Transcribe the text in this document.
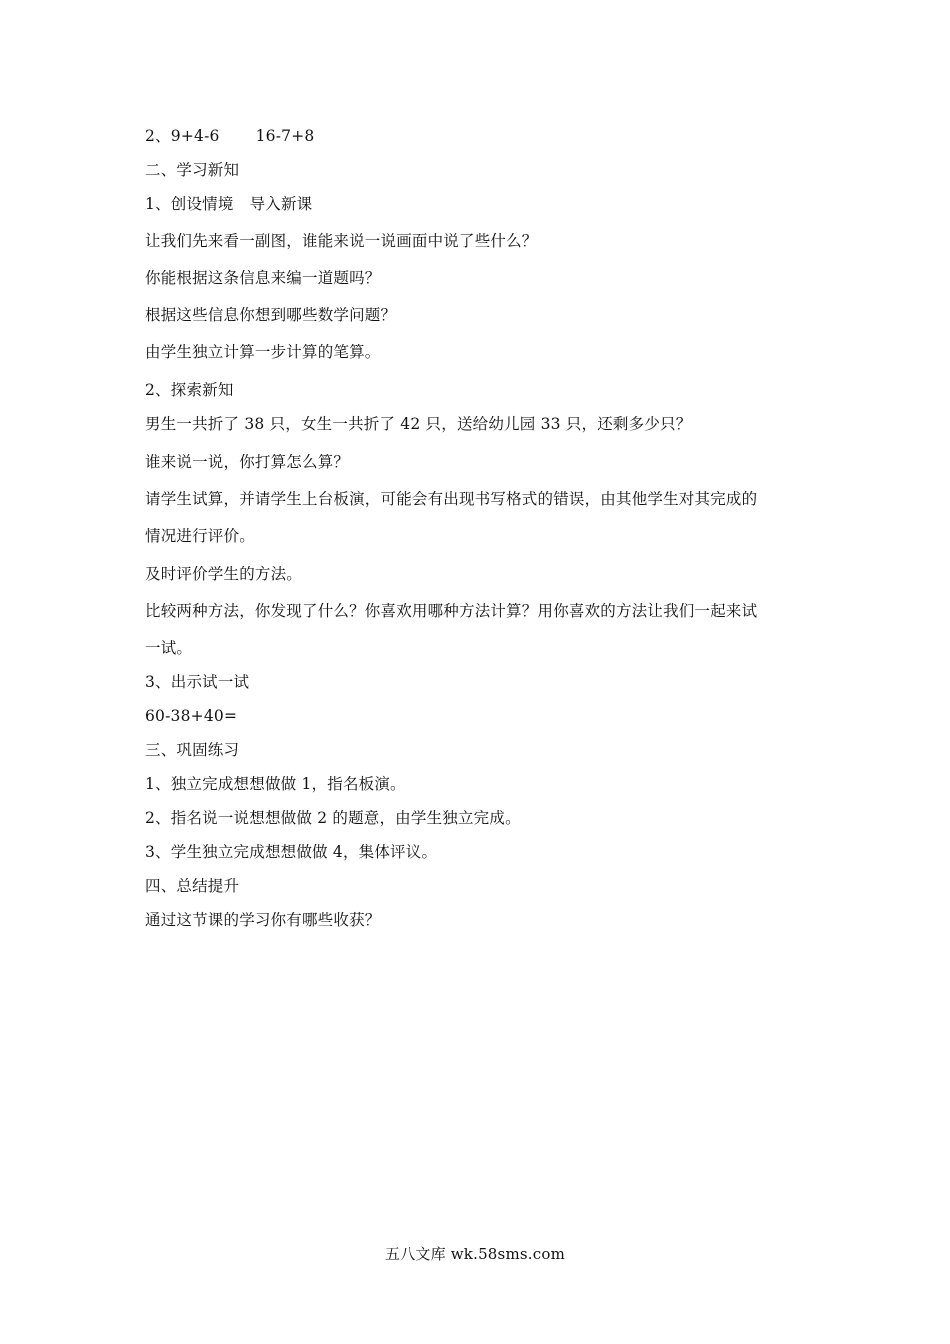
2、9+4-6 16-7+8
二、学习新知
1、创设情境 导入新课
让我们先来看一副图，谁能来说一说画面中说了些什么？
你能根据这条信息来编一道题吗？
根据这些信息你想到哪些数学问题？
由学生独立计算一步计算的笔算。
2、探索新知
男生一共折了 38 只，女生一共折了 42 只，送给幼儿园 33 只，还剩多少只？
谁来说一说，你打算怎么算？
请学生试算，并请学生上台板演，可能会有出现书写格式的错误，由其他学生对其完成的
情况进行评价。
及时评价学生的方法。
比较两种方法，你发现了什么？你喜欢用哪种方法计算？用你喜欢的方法让我们一起来试
一试。
3、出示试一试
60-38+40=
三、巩固练习
1、独立完成想想做做 1，指名板演。
2、指名说一说想想做做 2 的题意，由学生独立完成。
3、学生独立完成想想做做 4，集体评议。
四、总结提升
通过这节课的学习你有哪些收获？
五八文库 wk.58sms.com
